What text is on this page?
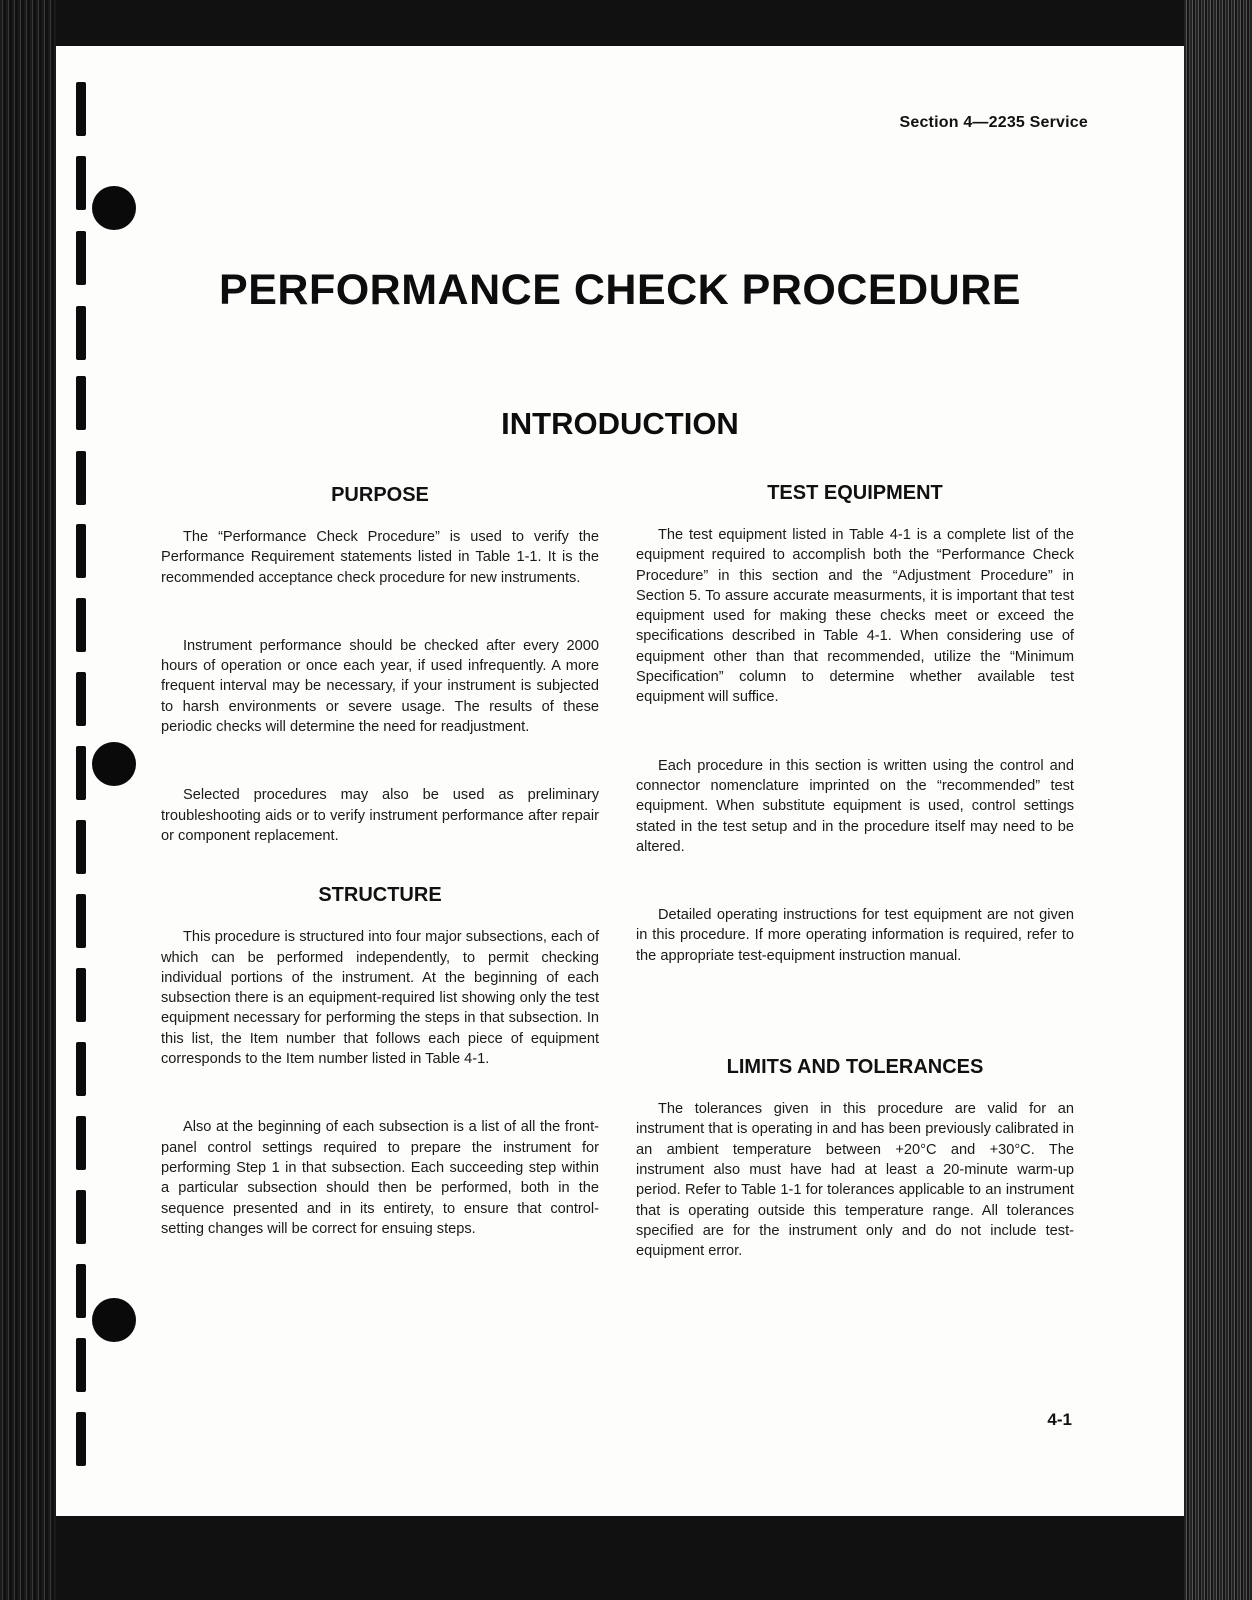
Section 4—2235 Service
PERFORMANCE CHECK PROCEDURE
INTRODUCTION
PURPOSE

The “Performance Check Procedure” is used to verify the Performance Requirement statements listed in Table 1-1. It is the recommended acceptance check procedure for new instruments.

Instrument performance should be checked after every 2000 hours of operation or once each year, if used infrequently. A more frequent interval may be necessary, if your instrument is subjected to harsh environments or severe usage. The results of these periodic checks will determine the need for readjustment.

Selected procedures may also be used as preliminary troubleshooting aids or to verify instrument performance after repair or component replacement.

STRUCTURE

This procedure is structured into four major subsections, each of which can be performed independently, to permit checking individual portions of the instrument. At the beginning of each subsection there is an equipment-required list showing only the test equipment necessary for performing the steps in that subsection. In this list, the Item number that follows each piece of equipment corresponds to the Item number listed in Table 4-1.

Also at the beginning of each subsection is a list of all the front-panel control settings required to prepare the instrument for performing Step 1 in that subsection. Each succeeding step within a particular subsection should then be performed, both in the sequence presented and in its entirety, to ensure that control-setting changes will be correct for ensuing steps.

TEST EQUIPMENT

The test equipment listed in Table 4-1 is a complete list of the equipment required to accomplish both the “Performance Check Procedure” in this section and the “Adjustment Procedure” in Section 5. To assure accurate measurments, it is important that test equipment used for making these checks meet or exceed the specifications described in Table 4-1. When considering use of equipment other than that recommended, utilize the “Minimum Specification” column to determine whether available test equipment will suffice.

Each procedure in this section is written using the control and connector nomenclature imprinted on the “recommended” test equipment. When substitute equipment is used, control settings stated in the test setup and in the procedure itself may need to be altered.

Detailed operating instructions for test equipment are not given in this procedure. If more operating information is required, refer to the appropriate test-equipment instruction manual.

LIMITS AND TOLERANCES

The tolerances given in this procedure are valid for an instrument that is operating in and has been previously calibrated in an ambient temperature between +20°C and +30°C. The instrument also must have had at least a 20-minute warm-up period. Refer to Table 1-1 for tolerances applicable to an instrument that is operating outside this temperature range. All tolerances specified are for the instrument only and do not include test-equipment error.

4-1
